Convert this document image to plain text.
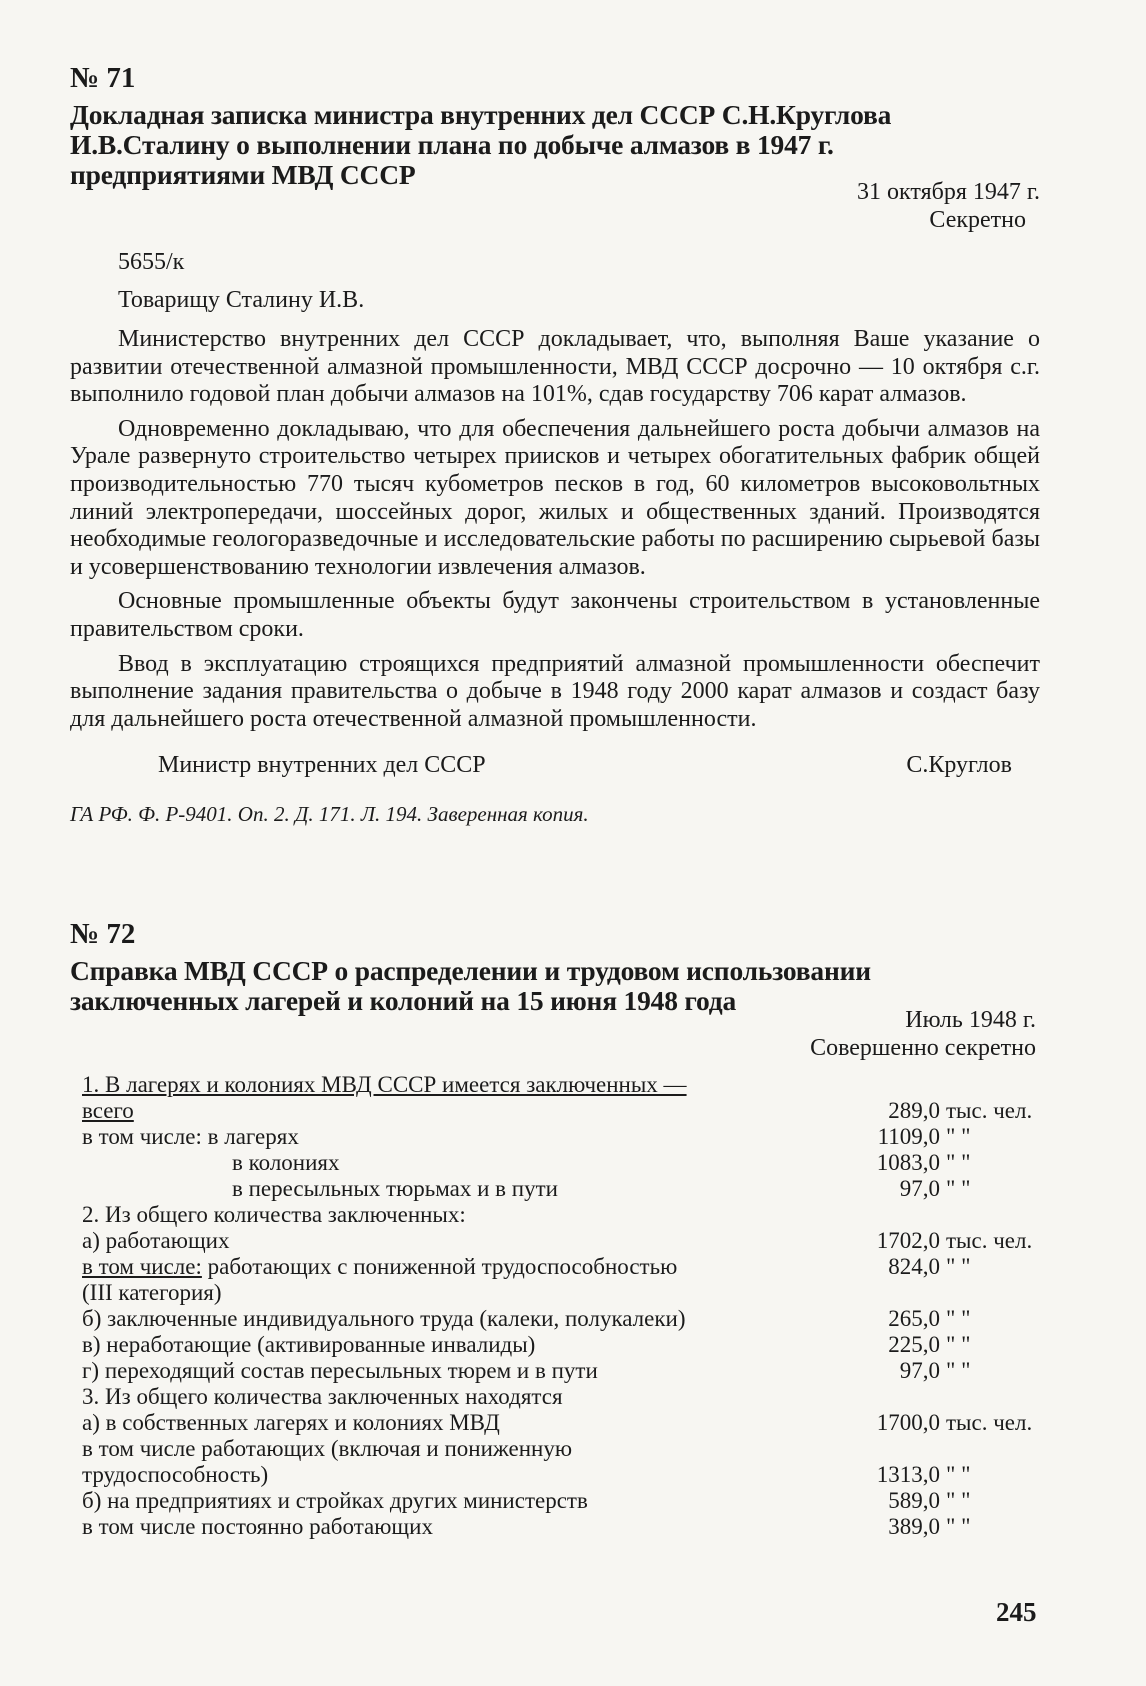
№ 71

Докладная записка министра внутренних дел СССР С.Н.Круглова
И.В.Сталину о выполнении плана по добыче алмазов в 1947 г.
предприятиями МВД СССР
31 октября 1947 г.
Секретно

5655/к

Товарищу Сталину И.В.

Министерство внутренних дел СССР докладывает, что, выполняя Ваше указание о развитии отечественной алмазной промышленности, МВД СССР досрочно — 10 октября с.г. выполнило годовой план добычи алмазов на 101%, сдав государству 706 карат алмазов.

Одновременно докладываю, что для обеспечения дальнейшего роста добычи алмазов на Урале развернуто строительство четырех приисков и четырех обогатительных фабрик общей производительностью 770 тысяч кубометров песков в год, 60 километров высоковольтных линий электропередачи, шоссейных дорог, жилых и общественных зданий. Производятся необходимые геологоразведочные и исследовательские работы по расширению сырьевой базы и усовершенствованию технологии извлечения алмазов.

Основные промышленные объекты будут закончены строительством в установленные правительством сроки.

Ввод в эксплуатацию строящихся предприятий алмазной промышленности обеспечит выполнение задания правительства о добыче в 1948 году 2000 карат алмазов и создаст базу для дальнейшего роста отечественной алмазной промышленности.

Министр внутренних дел СССР	С.Круглов
ГА РФ. Ф. Р-9401. Оп. 2. Д. 171. Л. 194. Заверенная копия.

№ 72

Справка МВД СССР о распределении и трудовом использовании
заключенных лагерей и колоний на 15 июня 1948 года
Июль 1948 г.
Совершенно секретно
1. В лагерях и колониях МВД СССР имеется заключенных —
всего	289,0 тыс. чел.
в том числе: в лагерях	1109,0 " "
в колониях	1083,0 " "
в пересыльных тюрьмах и в пути	97,0 " "
2. Из общего количества заключенных:
а) работающих	1702,0 тыс. чел.
в том числе: работающих с пониженной трудоспособностью	824,0 " "
(III категория)
б) заключенные индивидуального труда (калеки, полукалеки)	265,0 " "
в) неработающие (активированные инвалиды)	225,0 " "
г) переходящий состав пересыльных тюрем и в пути	97,0 " "
3. Из общего количества заключенных находятся
а) в собственных лагерях и колониях МВД	1700,0 тыс. чел.
в том числе работающих (включая и пониженную
трудоспособность)	1313,0 " "
б) на предприятиях и стройках других министерств	589,0 " "
в том числе постоянно работающих	389,0 " "
245
